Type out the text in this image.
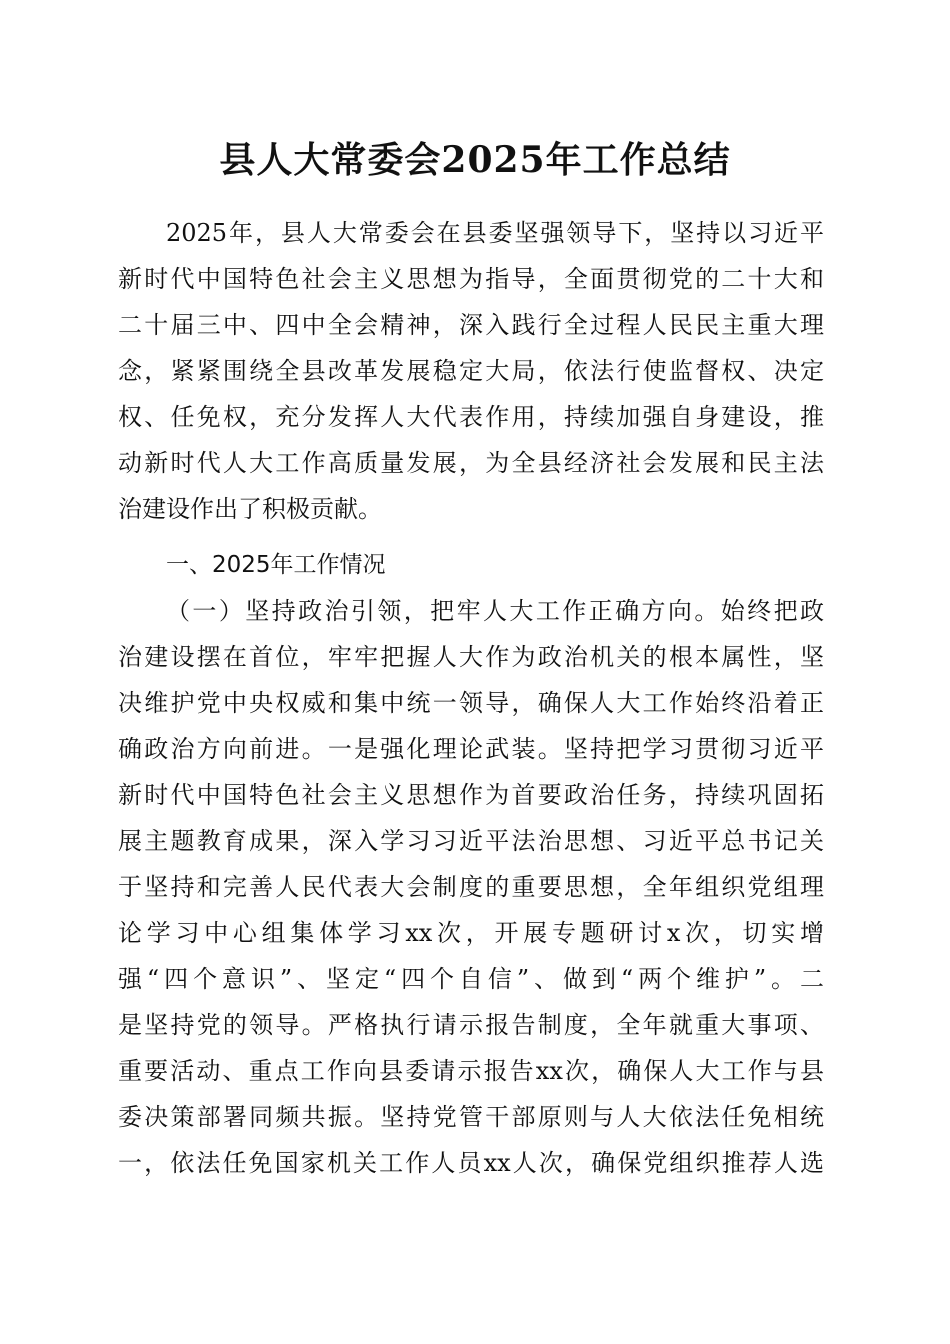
县人大常委会2025年工作总结
2025年，县人大常委会在县委坚强领导下，坚持以习近平
新时代中国特色社会主义思想为指导，全面贯彻党的二十大和
二十届三中、四中全会精神，深入践行全过程人民民主重大理
念，紧紧围绕全县改革发展稳定大局，依法行使监督权、决定
权、任免权，充分发挥人大代表作用，持续加强自身建设，推
动新时代人大工作高质量发展，为全县经济社会发展和民主法
治建设作出了积极贡献。
一、2025年工作情况
（一）坚持政治引领，把牢人大工作正确方向。始终把政
治建设摆在首位，牢牢把握人大作为政治机关的根本属性，坚
决维护党中央权威和集中统一领导，确保人大工作始终沿着正
确政治方向前进。一是强化理论武装。坚持把学习贯彻习近平
新时代中国特色社会主义思想作为首要政治任务，持续巩固拓
展主题教育成果，深入学习习近平法治思想、习近平总书记关
于坚持和完善人民代表大会制度的重要思想，全年组织党组理
论学习中心组集体学习xx次，开展专题研讨x次，切实增
强“四个意识”、坚定“四个自信”、做到“两个维护”。二
是坚持党的领导。严格执行请示报告制度，全年就重大事项、
重要活动、重点工作向县委请示报告xx次，确保人大工作与县
委决策部署同频共振。坚持党管干部原则与人大依法任免相统
一，依法任免国家机关工作人员xx人次，确保党组织推荐人选
